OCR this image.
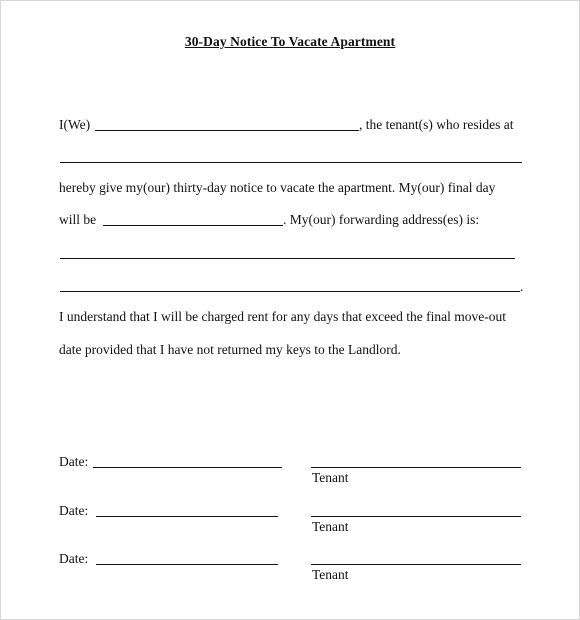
30-Day Notice To Vacate Apartment
I(We)	, the tenant(s) who resides at
hereby give my(our) thirty-day notice to vacate the apartment. My(our) final day
will be	. My(our) forwarding address(es) is:
.
I understand that I will be charged rent for any days that exceed the final move-out
date provided that I have not returned my keys to the Landlord.
Date:
Tenant
Date:
Tenant
Date:
Tenant
